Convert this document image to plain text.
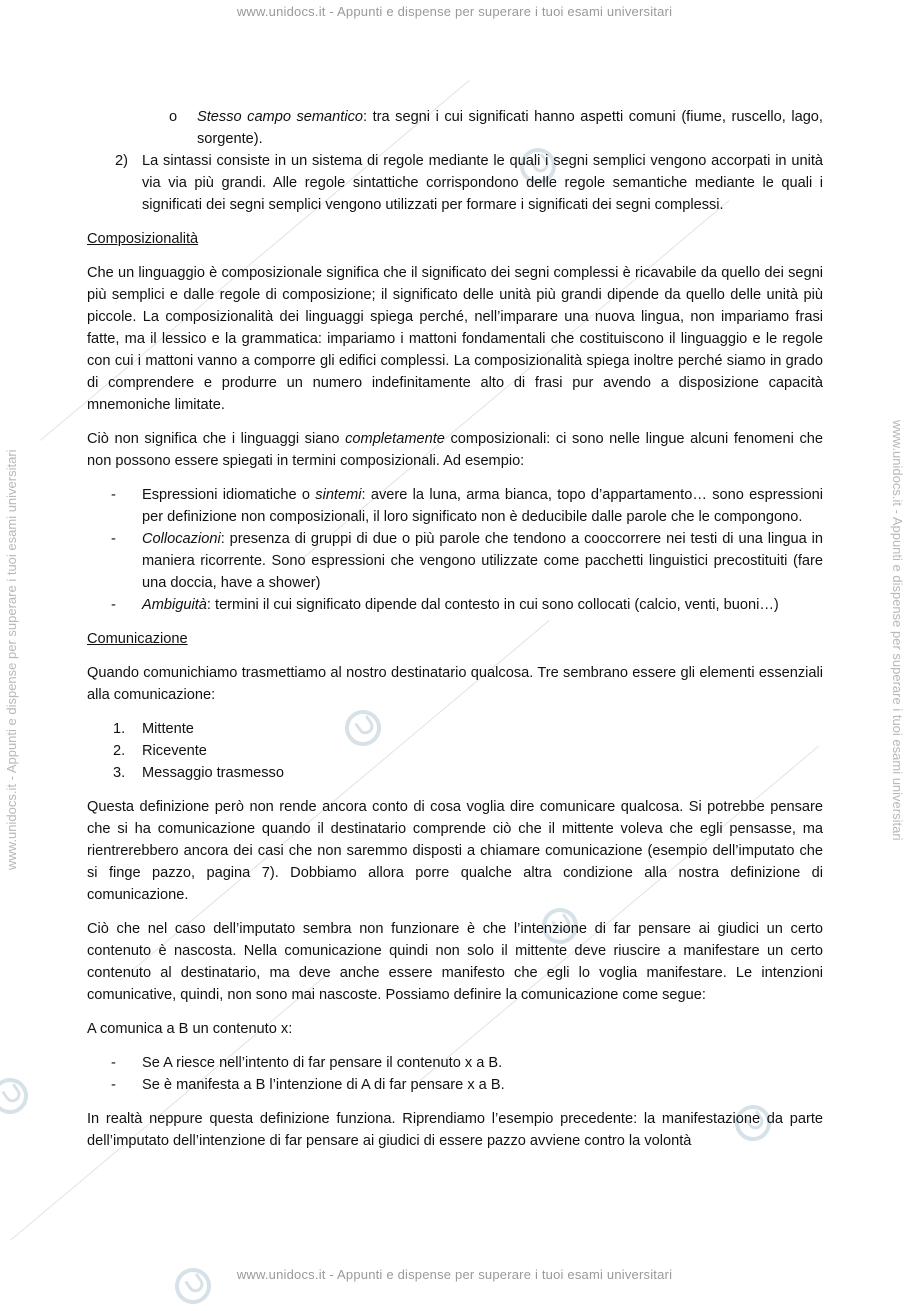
www.unidocs.it - Appunti e dispense per superare i tuoi esami universitari
www.unidocs.it - Appunti e dispense per superare i tuoi esami universitari
www.unidocs.it - Appunti e dispense per superare i tuoi esami universitari	www.unidocs.it - Appunti e dispense per superare i tuoi esami universitari
o Stesso campo semantico: tra segni i cui significati hanno aspetti comuni (fiume, ruscello, lago, sorgente).
2) La sintassi consiste in un sistema di regole mediante le quali i segni semplici vengono accorpati in unità via via più grandi. Alle regole sintattiche corrispondono delle regole semantiche mediante le quali i significati dei segni semplici vengono utilizzati per formare i significati dei segni complessi.
Composizionalità

Che un linguaggio è composizionale significa che il significato dei segni complessi è ricavabile da quello dei segni più semplici e dalle regole di composizione; il significato delle unità più grandi dipende da quello delle unità più piccole. La composizionalità dei linguaggi spiega perché, nell’imparare una nuova lingua, non impariamo frasi fatte, ma il lessico e la grammatica: impariamo i mattoni fondamentali che costituiscono il linguaggio e le regole con cui i mattoni vanno a comporre gli edifici complessi. La composizionalità spiega inoltre perché siamo in grado di comprendere e produrre un numero indefinitamente alto di frasi pur avendo a disposizione capacità mnemoniche limitate.

Ciò non significa che i linguaggi siano completamente composizionali: ci sono nelle lingue alcuni fenomeni che non possono essere spiegati in termini composizionali. Ad esempio:

- Espressioni idiomatiche o sintemi: avere la luna, arma bianca, topo d’appartamento… sono espressioni per definizione non composizionali, il loro significato non è deducibile dalle parole che le compongono.
- Collocazioni: presenza di gruppi di due o più parole che tendono a cooccorrere nei testi di una lingua in maniera ricorrente. Sono espressioni che vengono utilizzate come pacchetti linguistici precostituiti (fare una doccia, have a shower)
- Ambiguità: termini il cui significato dipende dal contesto in cui sono collocati (calcio, venti, buoni…)
Comunicazione

Quando comunichiamo trasmettiamo al nostro destinatario qualcosa. Tre sembrano essere gli elementi essenziali alla comunicazione:

1. Mittente
2. Ricevente
3. Messaggio trasmesso

Questa definizione però non rende ancora conto di cosa voglia dire comunicare qualcosa. Si potrebbe pensare che si ha comunicazione quando il destinatario comprende ciò che il mittente voleva che egli pensasse, ma rientrerebbero ancora dei casi che non saremmo disposti a chiamare comunicazione (esempio dell’imputato che si finge pazzo, pagina 7). Dobbiamo allora porre qualche altra condizione alla nostra definizione di comunicazione.

Ciò che nel caso dell’imputato sembra non funzionare è che l’intenzione di far pensare ai giudici un certo contenuto è nascosta. Nella comunicazione quindi non solo il mittente deve riuscire a manifestare un certo contenuto al destinatario, ma deve anche essere manifesto che egli lo voglia manifestare. Le intenzioni comunicative, quindi, non sono mai nascoste. Possiamo definire la comunicazione come segue:

A comunica a B un contenuto x:

- Se A riesce nell’intento di far pensare il contenuto x a B.
- Se è manifesta a B l’intenzione di A di far pensare x a B.

In realtà neppure questa definizione funziona. Riprendiamo l’esempio precedente: la manifestazione da parte dell’imputato dell’intenzione di far pensare ai giudici di essere pazzo avviene contro la volontà
